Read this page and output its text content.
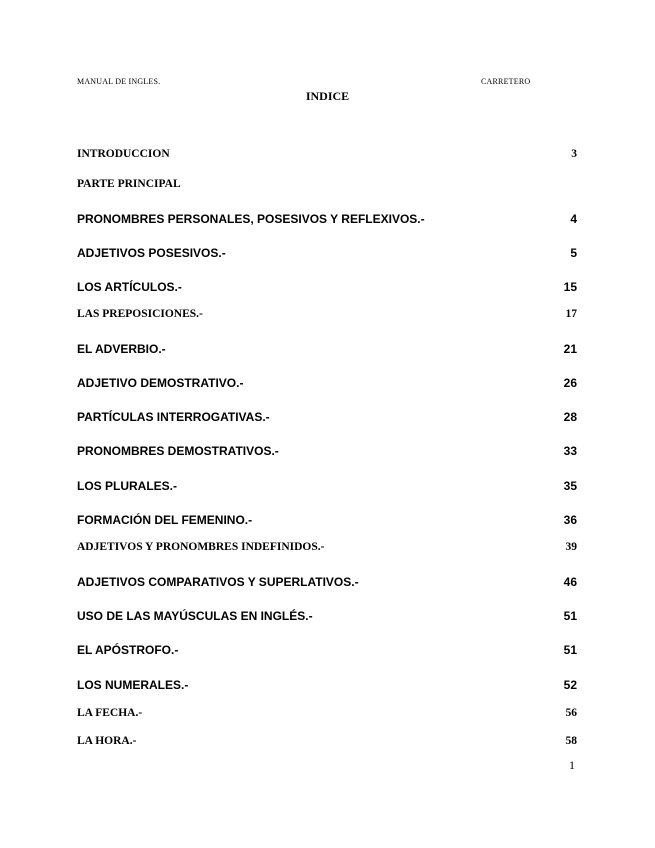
MANUAL DE INGLES.	CARRETERO
INDICE
INTRODUCCION	3
PARTE PRINCIPAL
PRONOMBRES PERSONALES, POSESIVOS Y REFLEXIVOS.-	4
ADJETIVOS POSESIVOS.-	5
LOS ARTÍCULOS.-	15
LAS PREPOSICIONES.-	17
EL ADVERBIO.-	21
ADJETIVO DEMOSTRATIVO.-	26
PARTÍCULAS INTERROGATIVAS.-	28
PRONOMBRES DEMOSTRATIVOS.-	33
LOS PLURALES.-	35
FORMACIÓN DEL FEMENINO.-	36
ADJETIVOS Y PRONOMBRES INDEFINIDOS.-	39
ADJETIVOS COMPARATIVOS Y SUPERLATIVOS.-	46
USO DE LAS MAYÚSCULAS EN INGLÉS.-	51
EL APÓSTROFO.-	51
LOS NUMERALES.-	52
LA FECHA.-	56
LA HORA.-	58
1
